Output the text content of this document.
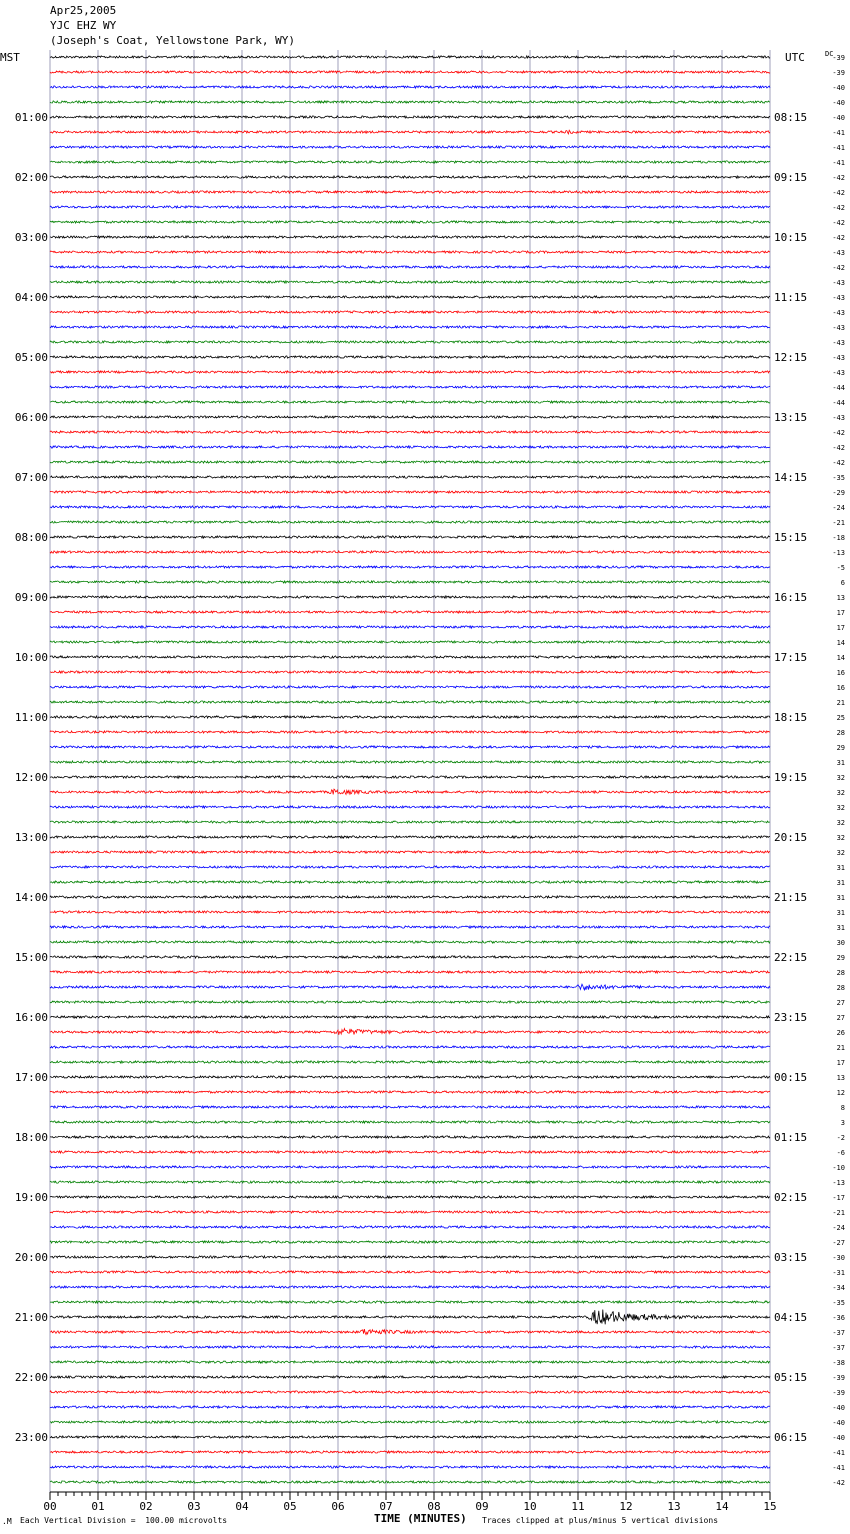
Apr25,2005
YJC EHZ WY
(Joseph's Coat, Yellowstone Park, WY)
-39
-39
-40
-40
-40
01:00	08:15
-41
-41
-41
-42
02:00	09:15
-42
-42
-42
-42
03:00	10:15
-43
-42
-43
-43
04:00	11:15
-43
-43
-43
-43
05:00	12:15
-43
-44
-44
-43
06:00	13:15
-42
-42
-42
-35
07:00	14:15
-29
-24
-21
-18
08:00	15:15
-13
-5
6
13
09:00	16:15
17
17
14
14
10:00	17:15
16
16
21
25
11:00	18:15
28
29
31
32
12:00	19:15
32
32
32
32
13:00	20:15
32
31
31
31
14:00	21:15
31
31
30
29
15:00	22:15
28
28
27
27
16:00	23:15
26
21
17
13
17:00	00:15
12
8
3
-2
18:00	01:15
-6
-10
-13
-17
19:00	02:15
-21
-24
-27
-30
20:00	03:15
-31
-34
-35
-36
21:00	04:15
-37
-37
-38
-39
22:00	05:15
-39
-40
-40
-40
23:00	06:15
-41
-41
-42
MST	UTC	DC
00	01	02	03	04	05	06	07	08	09	10	11	12	13	14	15
.M Each Vertical Division =  100.00 microvolts	TIME (MINUTES) Traces clipped at plus/minus 5 vertical divisions
